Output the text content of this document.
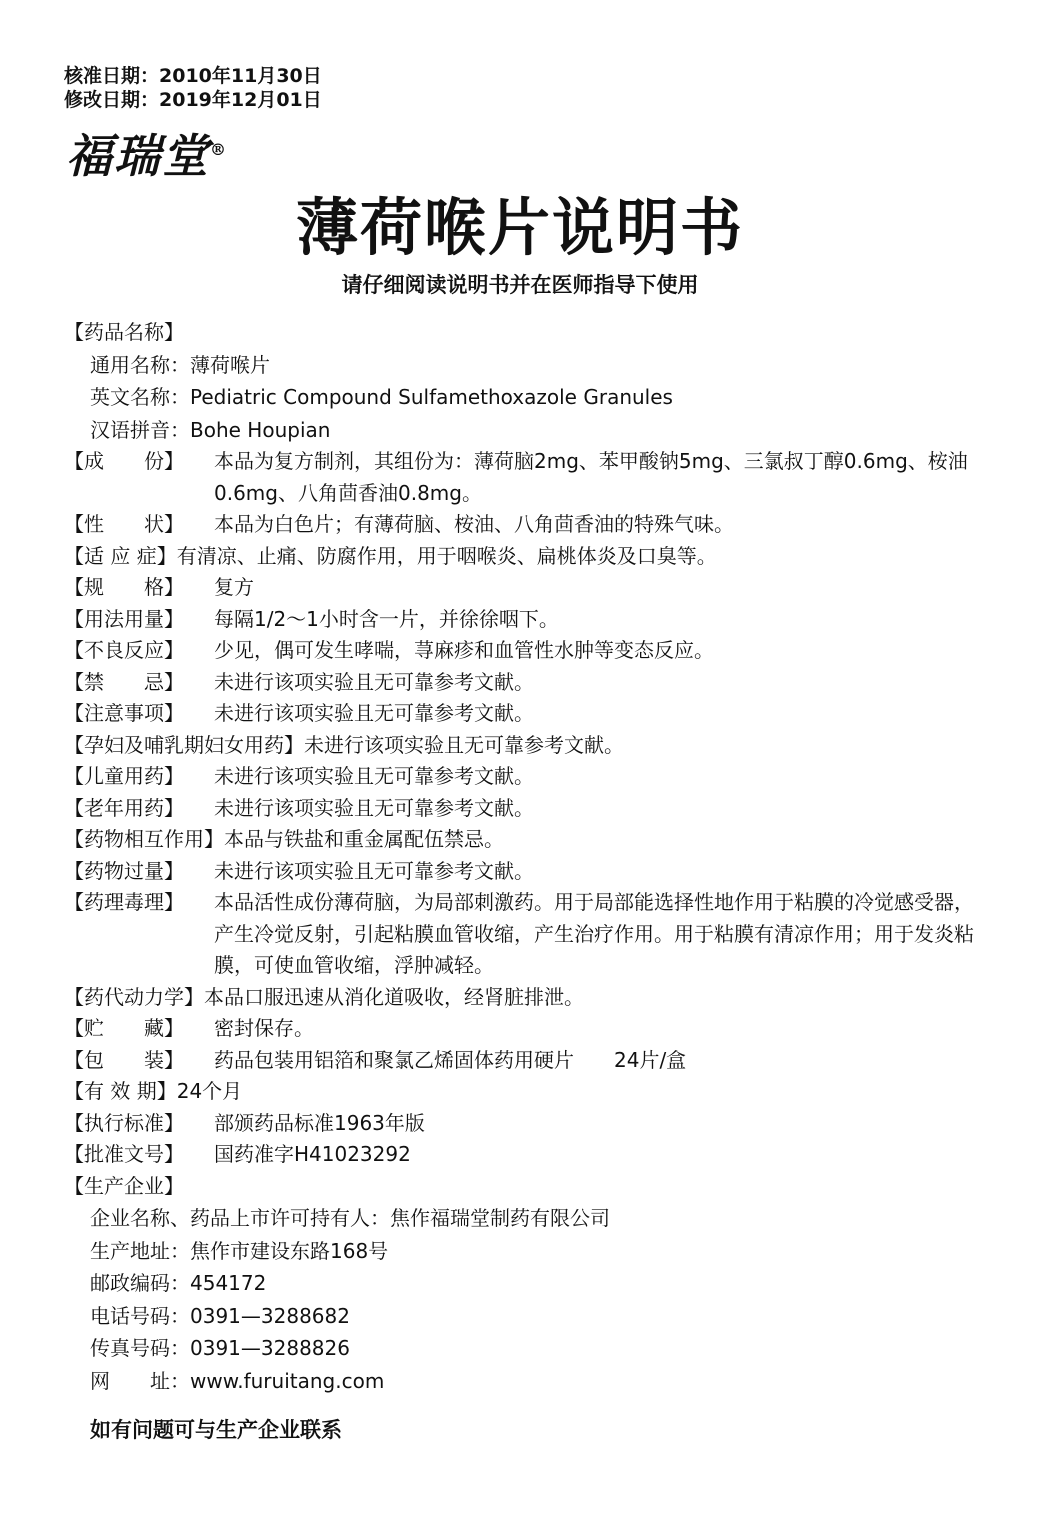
核准日期：2010年11月30日
修改日期：2019年12月01日
福瑞堂®
薄荷喉片说明书
请仔细阅读说明书并在医师指导下使用
【药品名称】
通用名称：薄荷喉片
英文名称：Pediatric Compound Sulfamethoxazole Granules
汉语拼音：Bohe Houpian
【成　　份】	本品为复方制剂，其组份为：薄荷脑2mg、苯甲酸钠5mg、三氯叔丁醇0.6mg、桉油0.6mg、八角茴香油0.8mg。
【性　　状】	本品为白色片；有薄荷脑、桉油、八角茴香油的特殊气味。
【适 应 症】 有清凉、止痛、防腐作用，用于咽喉炎、扁桃体炎及口臭等。
【规　　格】	复方
【用法用量】	每隔1/2～1小时含一片，并徐徐咽下。
【不良反应】	少见，偶可发生哮喘，荨麻疹和血管性水肿等变态反应。
【禁　　忌】	未进行该项实验且无可靠参考文献。
【注意事项】	未进行该项实验且无可靠参考文献。
【孕妇及哺乳期妇女用药】 未进行该项实验且无可靠参考文献。
【儿童用药】	未进行该项实验且无可靠参考文献。
【老年用药】	未进行该项实验且无可靠参考文献。
【药物相互作用】 本品与铁盐和重金属配伍禁忌。
【药物过量】	未进行该项实验且无可靠参考文献。
【药理毒理】	本品活性成份薄荷脑，为局部刺激药。用于局部能选择性地作用于粘膜的冷觉感受器，产生冷觉反射，引起粘膜血管收缩，产生治疗作用。用于粘膜有清凉作用；用于发炎粘膜，可使血管收缩，浮肿减轻。
【药代动力学】 本品口服迅速从消化道吸收，经肾脏排泄。
【贮　　藏】	密封保存。
【包　　装】	药品包装用铝箔和聚氯乙烯固体药用硬片　　24片/盒
【有 效 期】 24个月
【执行标准】	部颁药品标准1963年版
【批准文号】	国药准字H41023292
【生产企业】
企业名称、药品上市许可持有人：焦作福瑞堂制药有限公司
生产地址：焦作市建设东路168号
邮政编码：454172
电话号码：0391—3288682
传真号码：0391—3288826
网　　址：www.furuitang.com
如有问题可与生产企业联系
